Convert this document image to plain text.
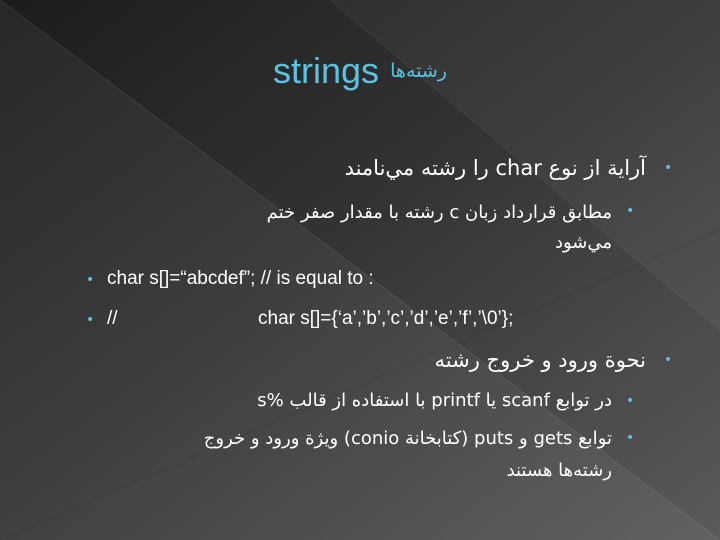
strings رشته‌ها
•
آراية از نوع char را رشته مي‌نامند
•
مطابق قرارداد زبان c رشته با مقدار صفر ختم
مي‌شود
• char s[]=“abcdef”; // is equal to :
• //	char s[]={‘a’,’b’,’c’,’d’,’e’,’f’,’\0’};
•
نحوة ورود و خروج رشته
•
در توابع scanf يا printf با استفاده از قالب %s
•
توابع gets و puts (كتابخانة conio) ويژة ورود و خروج
رشته‌ها هستند
